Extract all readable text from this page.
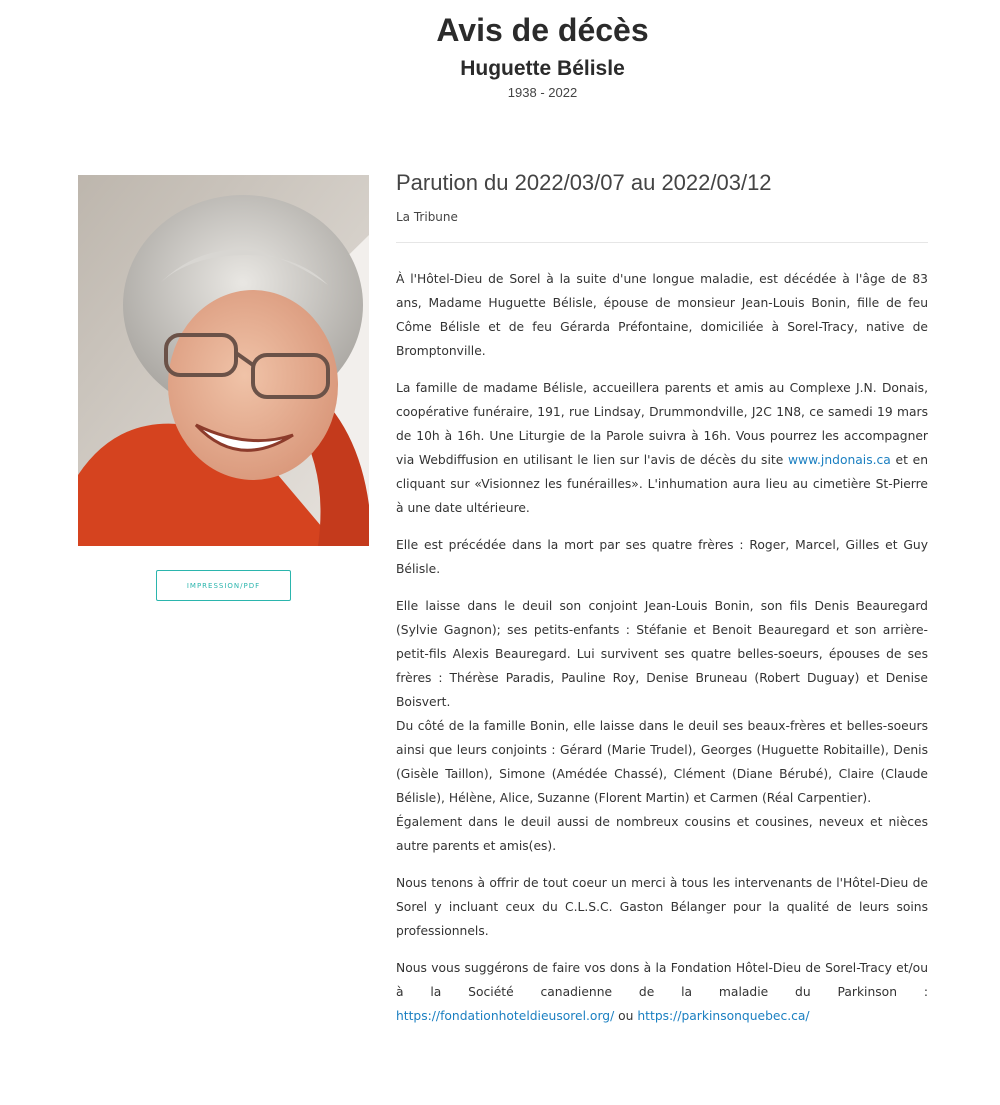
Avis de décès
Huguette Bélisle
1938 - 2022
IMPRESSION/PDF
Parution du 2022/03/07 au 2022/03/12
La Tribune

À l'Hôtel-Dieu de Sorel à la suite d'une longue maladie, est décédée à l'âge de 83 ans, Madame Huguette Bélisle, épouse de monsieur Jean-Louis Bonin, fille de feu Côme Bélisle et de feu Gérarda Préfontaine, domiciliée à Sorel-Tracy, native de Bromptonville.

La famille de madame Bélisle, accueillera parents et amis au Complexe J.N. Donais, coopérative funéraire, 191, rue Lindsay, Drummondville, J2C 1N8, ce samedi 19 mars de 10h à 16h. Une Liturgie de la Parole suivra à 16h. Vous pourrez les accompagner via Webdiffusion en utilisant le lien sur l'avis de décès du site www.jndonais.ca et en cliquant sur «Visionnez les funérailles». L'inhumation aura lieu au cimetière St-Pierre à une date ultérieure.

Elle est précédée dans la mort par ses quatre frères : Roger, Marcel, Gilles et Guy Bélisle.

Elle laisse dans le deuil son conjoint Jean-Louis Bonin, son fils Denis Beauregard (Sylvie Gagnon); ses petits-enfants : Stéfanie et Benoit Beauregard et son arrière-petit-fils Alexis Beauregard. Lui survivent ses quatre belles-soeurs, épouses de ses frères : Thérèse Paradis, Pauline Roy, Denise Bruneau (Robert Duguay) et Denise Boisvert.

Du côté de la famille Bonin, elle laisse dans le deuil ses beaux-frères et belles-soeurs ainsi que leurs conjoints : Gérard (Marie Trudel), Georges (Huguette Robitaille), Denis (Gisèle Taillon), Simone (Amédée Chassé), Clément (Diane Bérubé), Claire (Claude Bélisle), Hélène, Alice, Suzanne (Florent Martin) et Carmen (Réal Carpentier).

Également dans le deuil aussi de nombreux cousins et cousines, neveux et nièces autre parents et amis(es).

Nous tenons à offrir de tout coeur un merci à tous les intervenants de l'Hôtel-Dieu de Sorel y incluant ceux du C.L.S.C. Gaston Bélanger pour la qualité de leurs soins professionnels.

Nous vous suggérons de faire vos dons à la Fondation Hôtel-Dieu de Sorel-Tracy et/ou à la Société canadienne de la maladie du Parkinson : https://fondationhoteldieusorel.org/ ou https://parkinsonquebec.ca/
